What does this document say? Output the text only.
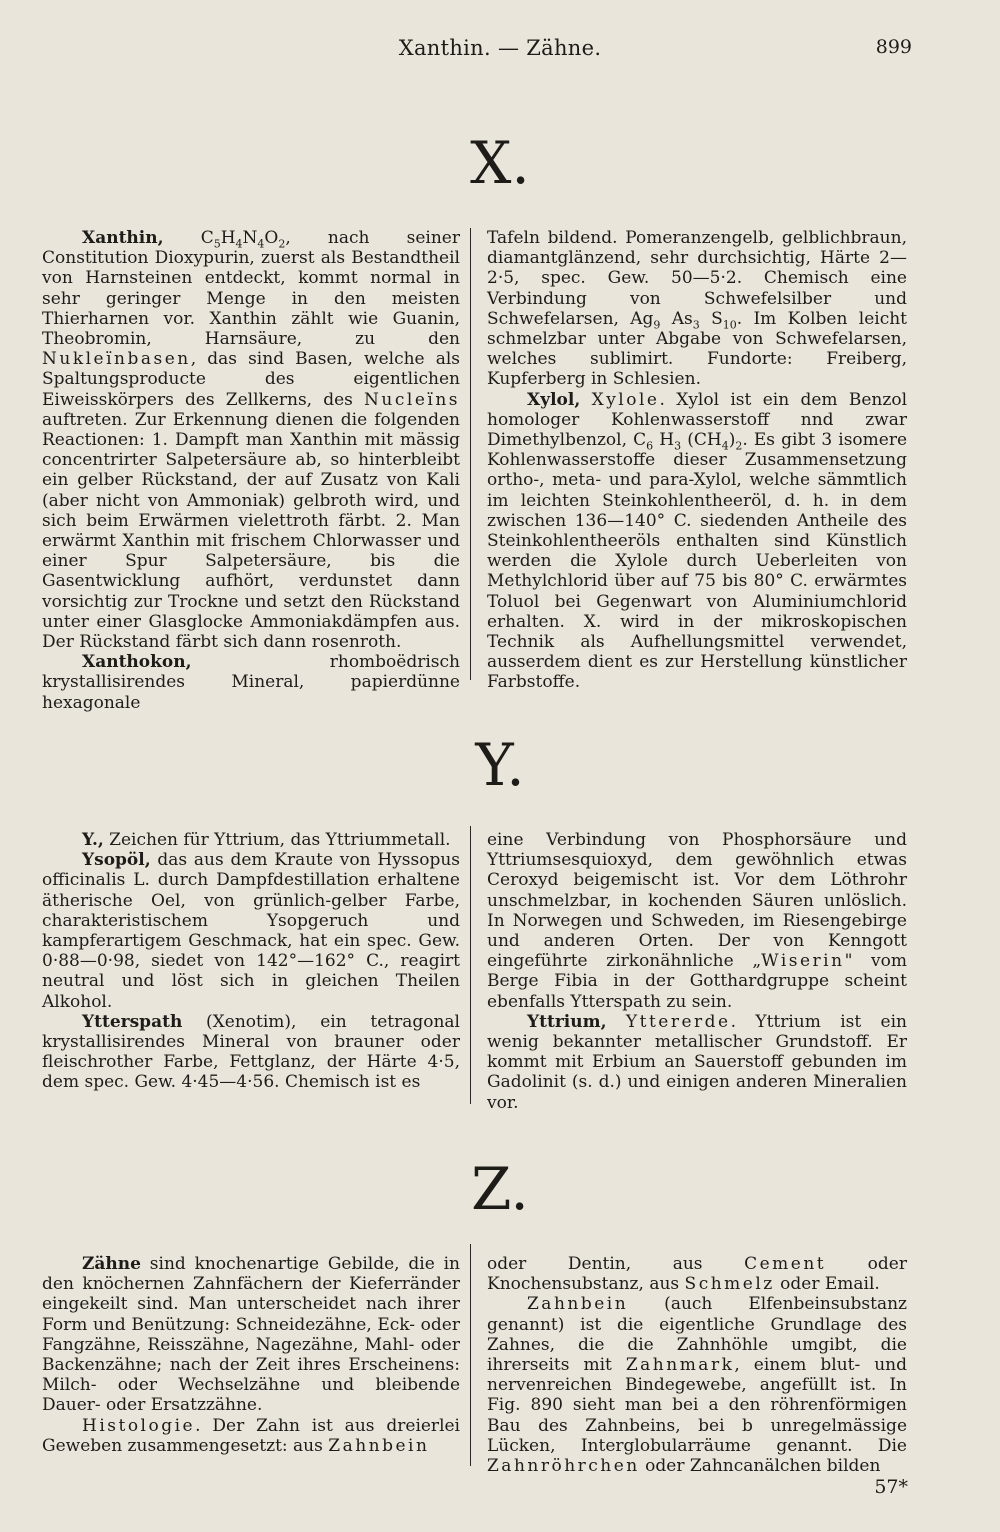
Xanthin. — Zähne.	899
X.

Xanthin, $C_5H_4N_4O_2$, nach seiner Constitution Dioxypurin, zuerst als Bestandtheil von Harnsteinen entdeckt, kommt normal in sehr geringer Menge in den meisten Thierharnen vor. Xanthin zählt wie Guanin, Theobromin, Harnsäure, zu den Nukleïnbasen, das sind Basen, welche als Spaltungsproducte des eigentlichen Eiweisskörpers des Zellkerns, des Nucleïns auftreten. Zur Erkennung dienen die folgenden Reactionen: 1. Dampft man Xanthin mit mässig concentrirter Salpetersäure ab, so hinterbleibt ein gelber Rückstand, der auf Zusatz von Kali (aber nicht von Ammoniak) gelbroth wird, und sich beim Erwärmen vielettroth färbt. 2. Man erwärmt Xanthin mit frischem Chlorwasser und einer Spur Salpetersäure, bis die Gasentwicklung aufhört, verdunstet dann vorsichtig zur Trockne und setzt den Rückstand unter einer Glasglocke Ammoniakdämpfen aus. Der Rückstand färbt sich dann rosenroth.

Xanthokon, rhomboëdrisch krystallisirendes Mineral, papierdünne hexagonale

Tafeln bildend. Pomeranzengelb, gelblichbraun, diamantglänzend, sehr durchsichtig, Härte 2—2·5, spec. Gew. 50—5·2. Chemisch eine Verbindung von Schwefelsilber und Schwefelarsen, $Ag_9$ $As_3$ $S_{10}$. Im Kolben leicht schmelzbar unter Abgabe von Schwefelarsen, welches sublimirt. Fundorte: Freiberg, Kupferberg in Schlesien.

Xylol, Xylole. Xylol ist ein dem Benzol homologer Kohlenwasserstoff nnd zwar Dimethylbenzol, $C_6$ $H_3$ $(CH_4)_2$. Es gibt 3 isomere Kohlenwasserstoffe dieser Zusammensetzung ortho-, meta- und para-Xylol, welche sämmtlich im leichten Steinkohlentheeröl, d. h. in dem zwischen 136—140° C. siedenden Antheile des Steinkohlentheeröls enthalten sind Künstlich werden die Xylole durch Ueberleiten von Methylchlorid über auf 75 bis 80° C. erwärmtes Toluol bei Gegenwart von Aluminiumchlorid erhalten. X. wird in der mikroskopischen Technik als Aufhellungsmittel verwendet, ausserdem dient es zur Herstellung künstlicher Farbstoffe.

Y.

Y., Zeichen für Yttrium, das Yttriummetall.

Ysopöl, das aus dem Kraute von Hyssopus officinalis L. durch Dampfdestillation erhaltene ätherische Oel, von grünlich-gelber Farbe, charakteristischem Ysopgeruch und kampferartigem Geschmack, hat ein spec. Gew. 0·88—0·98, siedet von 142°—162° C., reagirt neutral und löst sich in gleichen Theilen Alkohol.

Ytterspath (Xenotim), ein tetragonal krystallisirendes Mineral von brauner oder fleischrother Farbe, Fettglanz, der Härte 4·5, dem spec. Gew. 4·45—4·56. Chemisch ist es

eine Verbindung von Phosphorsäure und Yttriumsesquioxyd, dem gewöhnlich etwas Ceroxyd beigemischt ist. Vor dem Löthrohr unschmelzbar, in kochenden Säuren unlöslich. In Norwegen und Schweden, im Riesengebirge und anderen Orten. Der von Kenngott eingeführte zirkonähnliche „Wiserin" vom Berge Fibia in der Gotthardgruppe scheint ebenfalls Ytterspath zu sein.

Yttrium, Yttererde. Yttrium ist ein wenig bekannter metallischer Grundstoff. Er kommt mit Erbium an Sauerstoff gebunden im Gadolinit (s. d.) und einigen anderen Mineralien vor.

Z.

Zähne sind knochenartige Gebilde, die in den knöchernen Zahnfächern der Kieferränder eingekeilt sind. Man unterscheidet nach ihrer Form und Benützung: Schneidezähne, Eck- oder Fangzähne, Reisszähne, Nagezähne, Mahl- oder Backenzähne; nach der Zeit ihres Erscheinens: Milch- oder Wechselzähne und bleibende Dauer- oder Ersatzzähne.

Histologie. Der Zahn ist aus dreierlei Geweben zusammengesetzt: aus Zahnbein

oder Dentin, aus Cement oder Knochensubstanz, aus Schmelz oder Email.

Zahnbein (auch Elfenbeinsubstanz genannt) ist die eigentliche Grundlage des Zahnes, die die Zahnhöhle umgibt, die ihrerseits mit Zahnmark, einem blut- und nervenreichen Bindegewebe, angefüllt ist. In Fig. 890 sieht man bei a den röhrenförmigen Bau des Zahnbeins, bei b unregelmässige Lücken, Interglobularräume genannt. Die Zahnröhrchen oder Zahncanälchen bilden

57*
